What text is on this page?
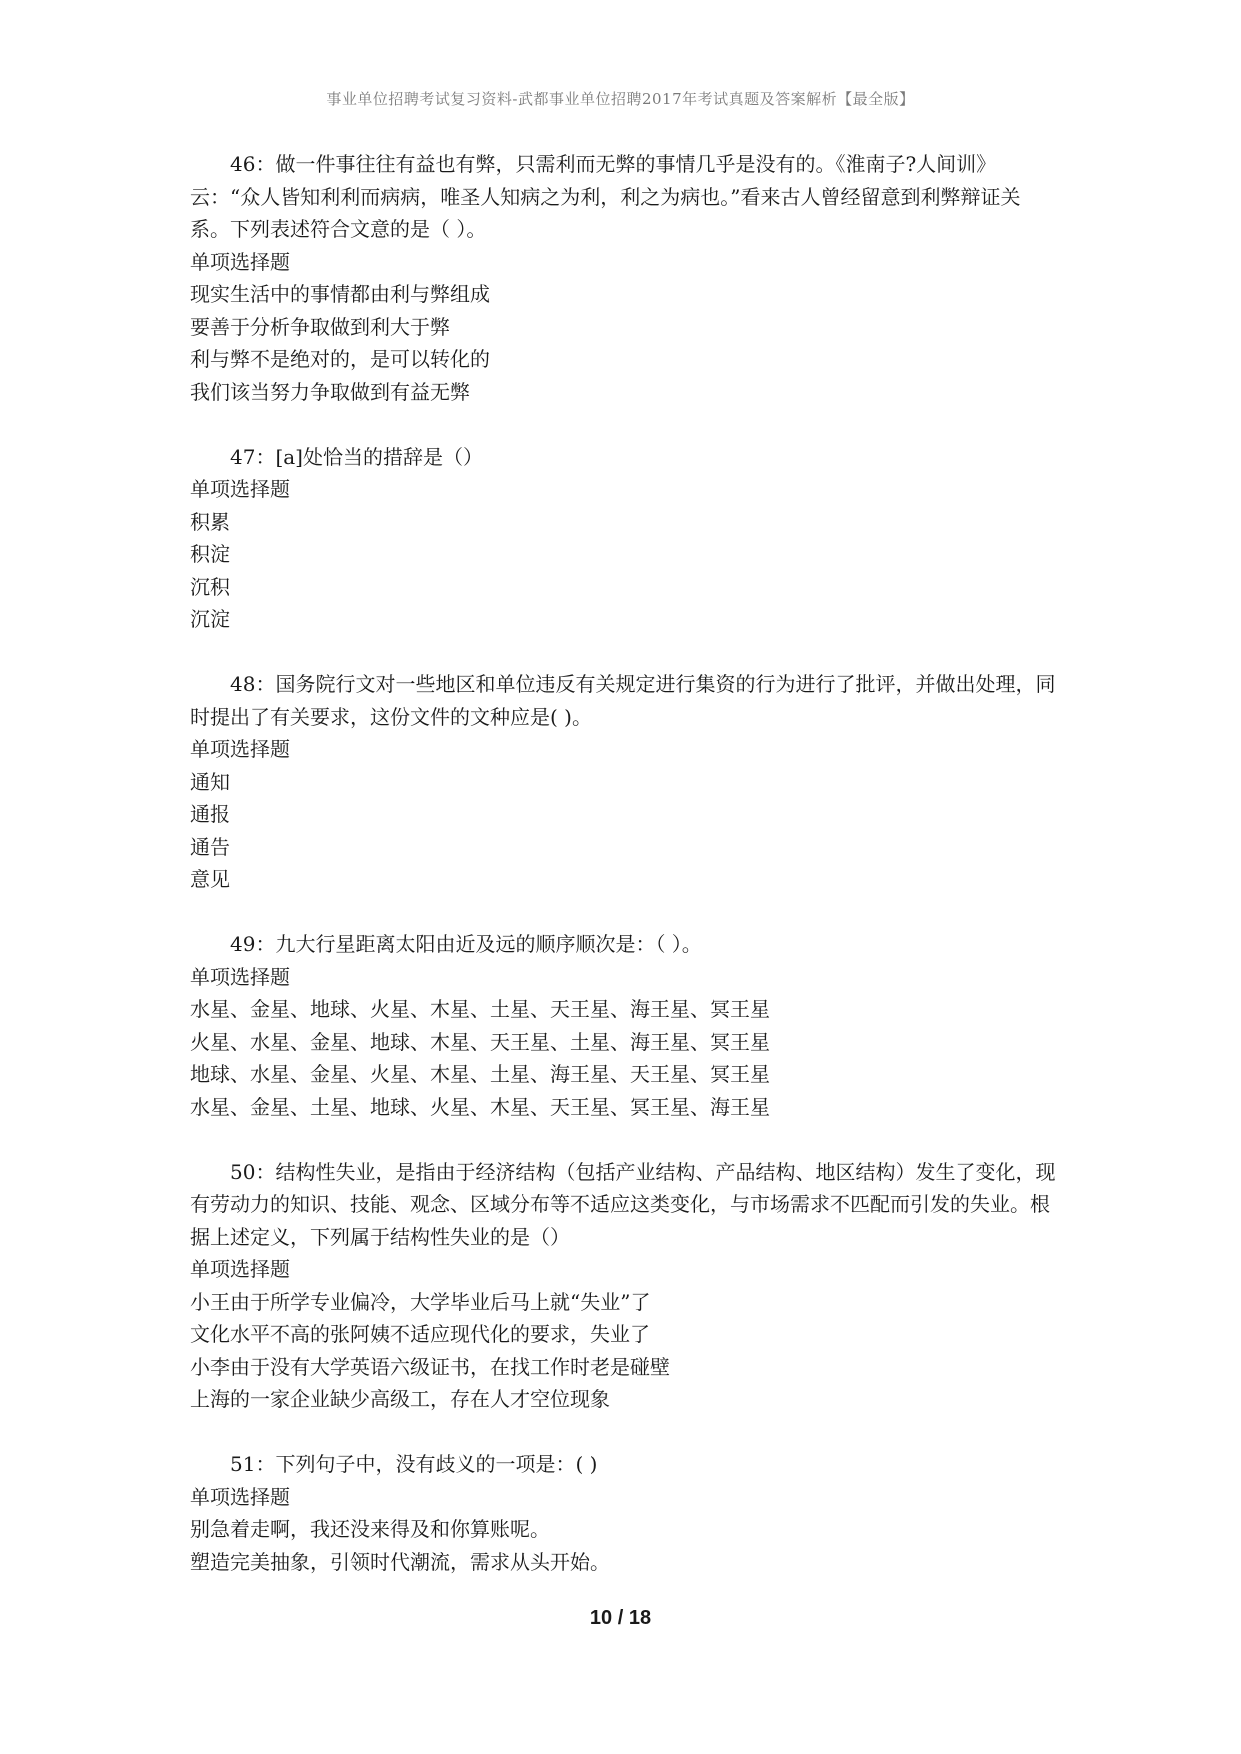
事业单位招聘考试复习资料-武都事业单位招聘2017年考试真题及答案解析【最全版】

46：做一件事往往有益也有弊，只需利而无弊的事情几乎是没有的。《淮南子?人间训》云：“众人皆知利利而病病，唯圣人知病之为利，利之为病也。”看来古人曾经留意到利弊辩证关系。下列表述符合文意的是（ ）。

单项选择题

现实生活中的事情都由利与弊组成

要善于分析争取做到利大于弊

利与弊不是绝对的，是可以转化的

我们该当努力争取做到有益无弊

47：[a]处恰当的措辞是（）

单项选择题

积累

积淀

沉积

沉淀

48：国务院行文对一些地区和单位违反有关规定进行集资的行为进行了批评，并做出处理，同时提出了有关要求，这份文件的文种应是( )。

单项选择题

通知

通报

通告

意见

49：九大行星距离太阳由近及远的顺序顺次是：（ ）。

单项选择题

水星、金星、地球、火星、木星、土星、天王星、海王星、冥王星

火星、水星、金星、地球、木星、天王星、土星、海王星、冥王星

地球、水星、金星、火星、木星、土星、海王星、天王星、冥王星

水星、金星、土星、地球、火星、木星、天王星、冥王星、海王星

50：结构性失业，是指由于经济结构（包括产业结构、产品结构、地区结构）发生了变化，现有劳动力的知识、技能、观念、区域分布等不适应这类变化，与市场需求不匹配而引发的失业。根据上述定义，下列属于结构性失业的是（）

单项选择题

小王由于所学专业偏冷，大学毕业后马上就“失业”了

文化水平不高的张阿姨不适应现代化的要求，失业了

小李由于没有大学英语六级证书，在找工作时老是碰壁

上海的一家企业缺少高级工，存在人才空位现象

51：下列句子中，没有歧义的一项是：( )

单项选择题

别急着走啊，我还没来得及和你算账呢。

塑造完美抽象，引领时代潮流，需求从头开始。

10 / 18
